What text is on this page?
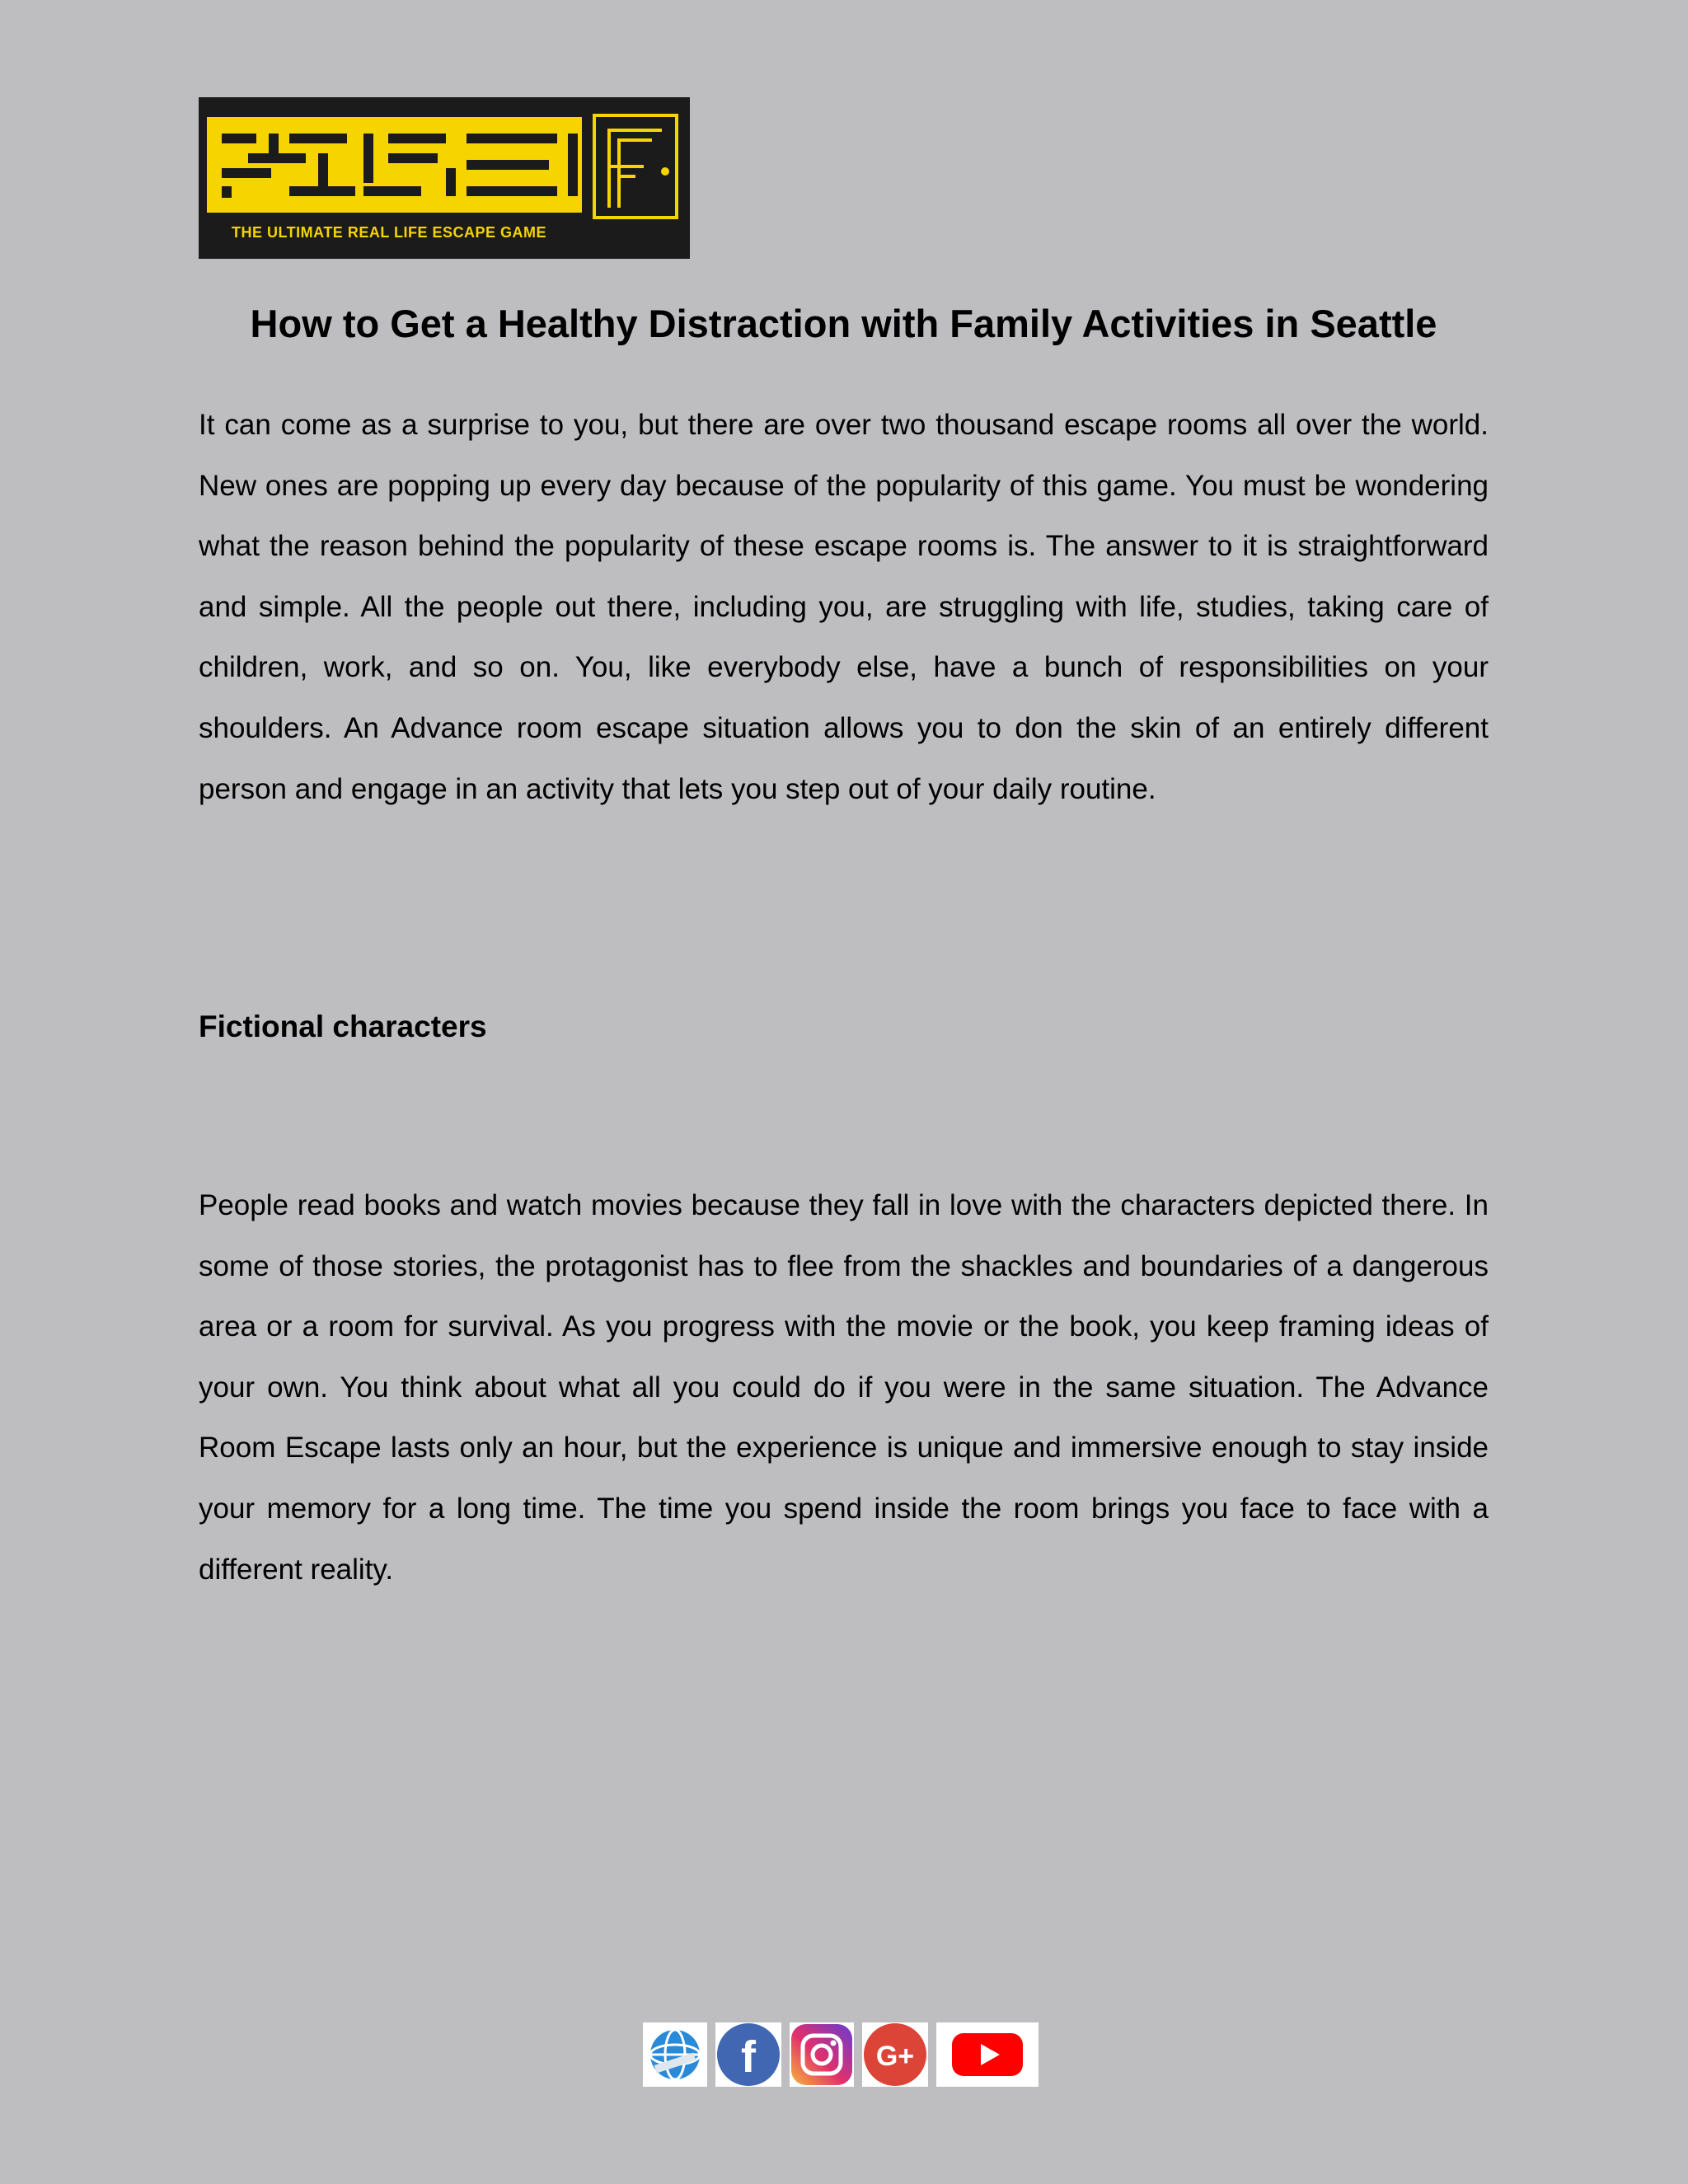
THE ULTIMATE REAL LIFE ESCAPE GAME
How to Get a Healthy Distraction with Family Activities in Seattle

It can come as a surprise to you, but there are over two thousand escape rooms all over the world. New ones are popping up every day because of the popularity of this game. You must be wondering what the reason behind the popularity of these escape rooms is. The answer to it is straightforward and simple. All the people out there, including you, are struggling with life, studies, taking care of children, work, and so on. You, like everybody else, have a bunch of responsibilities on your shoulders. An Advance room escape situation allows you to don the skin of an entirely different person and engage in an activity that lets you step out of your daily routine.

Fictional characters

People read books and watch movies because they fall in love with the characters depicted there. In some of those stories, the protagonist has to flee from the shackles and boundaries of a dangerous area or a room for survival. As you progress with the movie or the book, you keep framing ideas of your own. You think about what all you could do if you were in the same situation. The Advance Room Escape lasts only an hour, but the experience is unique and immersive enough to stay inside your memory for a long time. The time you spend inside the room brings you face to face with a different reality.

f	G+
